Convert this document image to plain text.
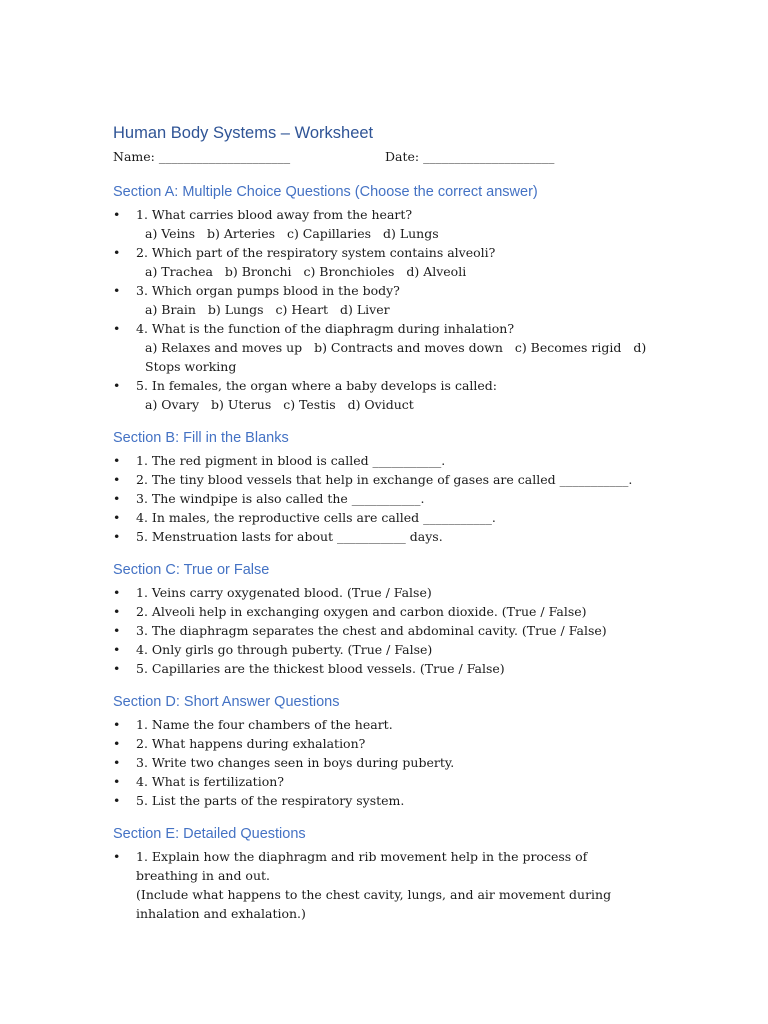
Human Body Systems – Worksheet
Name: _____________________	Date: _____________________
Section A: Multiple Choice Questions (Choose the correct answer)
• 1. What carries blood away from the heart?
a) Veins   b) Arteries   c) Capillaries   d) Lungs
• 2. Which part of the respiratory system contains alveoli?
a) Trachea   b) Bronchi   c) Bronchioles   d) Alveoli
• 3. Which organ pumps blood in the body?
a) Brain   b) Lungs   c) Heart   d) Liver
• 4. What is the function of the diaphragm during inhalation?
a) Relaxes and moves up   b) Contracts and moves down   c) Becomes rigid   d) Stops working
• 5. In females, the organ where a baby develops is called:
a) Ovary   b) Uterus   c) Testis   d) Oviduct
Section B: Fill in the Blanks
• 1. The red pigment in blood is called ___________.
• 2. The tiny blood vessels that help in exchange of gases are called ___________.
• 3. The windpipe is also called the ___________.
• 4. In males, the reproductive cells are called ___________.
• 5. Menstruation lasts for about ___________ days.
Section C: True or False
• 1. Veins carry oxygenated blood. (True / False)
• 2. Alveoli help in exchanging oxygen and carbon dioxide. (True / False)
• 3. The diaphragm separates the chest and abdominal cavity. (True / False)
• 4. Only girls go through puberty. (True / False)
• 5. Capillaries are the thickest blood vessels. (True / False)
Section D: Short Answer Questions
• 1. Name the four chambers of the heart.
• 2. What happens during exhalation?
• 3. Write two changes seen in boys during puberty.
• 4. What is fertilization?
• 5. List the parts of the respiratory system.
Section E: Detailed Questions
• 1. Explain how the diaphragm and rib movement help in the process of breathing in and out.
(Include what happens to the chest cavity, lungs, and air movement during inhalation and exhalation.)
